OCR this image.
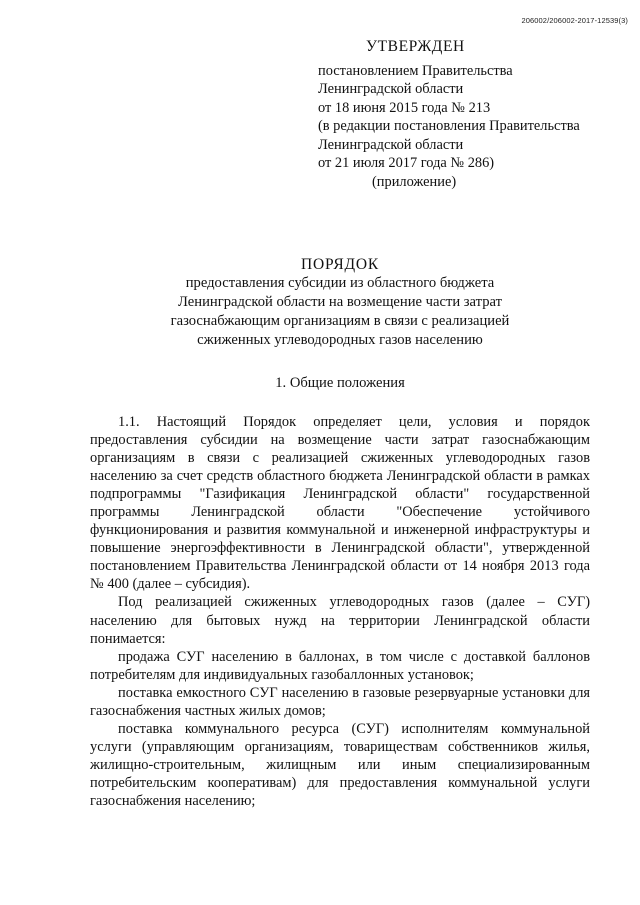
206002/206002-2017-12539(3)
УТВЕРЖДЕН
постановлением Правительства
Ленинградской области
от 18 июня 2015 года № 213
(в редакции постановления Правительства
Ленинградской области
от 21 июля 2017 года № 286)
(приложение)
ПОРЯДОК
предоставления субсидии из областного бюджета
Ленинградской области на возмещение части затрат
газоснабжающим организациям в связи с реализацией
сжиженных углеводородных газов населению
1. Общие положения

1.1. Настоящий Порядок определяет цели, условия и порядок предоставления субсидии на возмещение части затрат газоснабжающим организациям в связи с реализацией сжиженных углеводородных газов населению за счет средств областного бюджета Ленинградской области в рамках подпрограммы "Газификация Ленинградской области" государственной программы Ленинградской области "Обеспечение устойчивого функционирования и развития коммунальной и инженерной инфраструктуры и повышение энергоэффективности в Ленинградской области", утвержденной постановлением Правительства Ленинградской области от 14 ноября 2013 года № 400 (далее – субсидия).

Под реализацией сжиженных углеводородных газов (далее – СУГ) населению для бытовых нужд на территории Ленинградской области понимается:

продажа СУГ населению в баллонах, в том числе с доставкой баллонов потребителям для индивидуальных газобаллонных установок;

поставка емкостного СУГ населению в газовые резервуарные установки для газоснабжения частных жилых домов;

поставка коммунального ресурса (СУГ) исполнителям коммунальной услуги (управляющим организациям, товариществам собственников жилья, жилищно-строительным, жилищным или иным специализированным потребительским кооперативам) для предоставления коммунальной услуги газоснабжения населению;
